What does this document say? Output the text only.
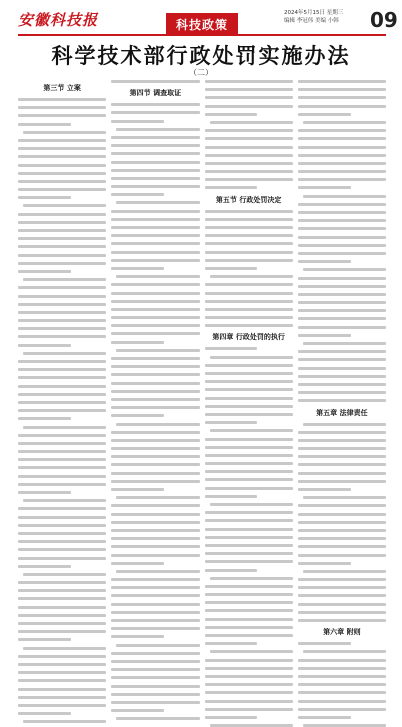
安徽科技报	科技政策
2024年5月15日 星期三
编辑 李冠伟 美编 小韩 09
科学技术部行政处罚实施办法
（二）
第三节 立案
第四节 调查取证
第五节 行政处罚决定
第四章 行政处罚的执行
第五章 法律责任
第六章 附则
